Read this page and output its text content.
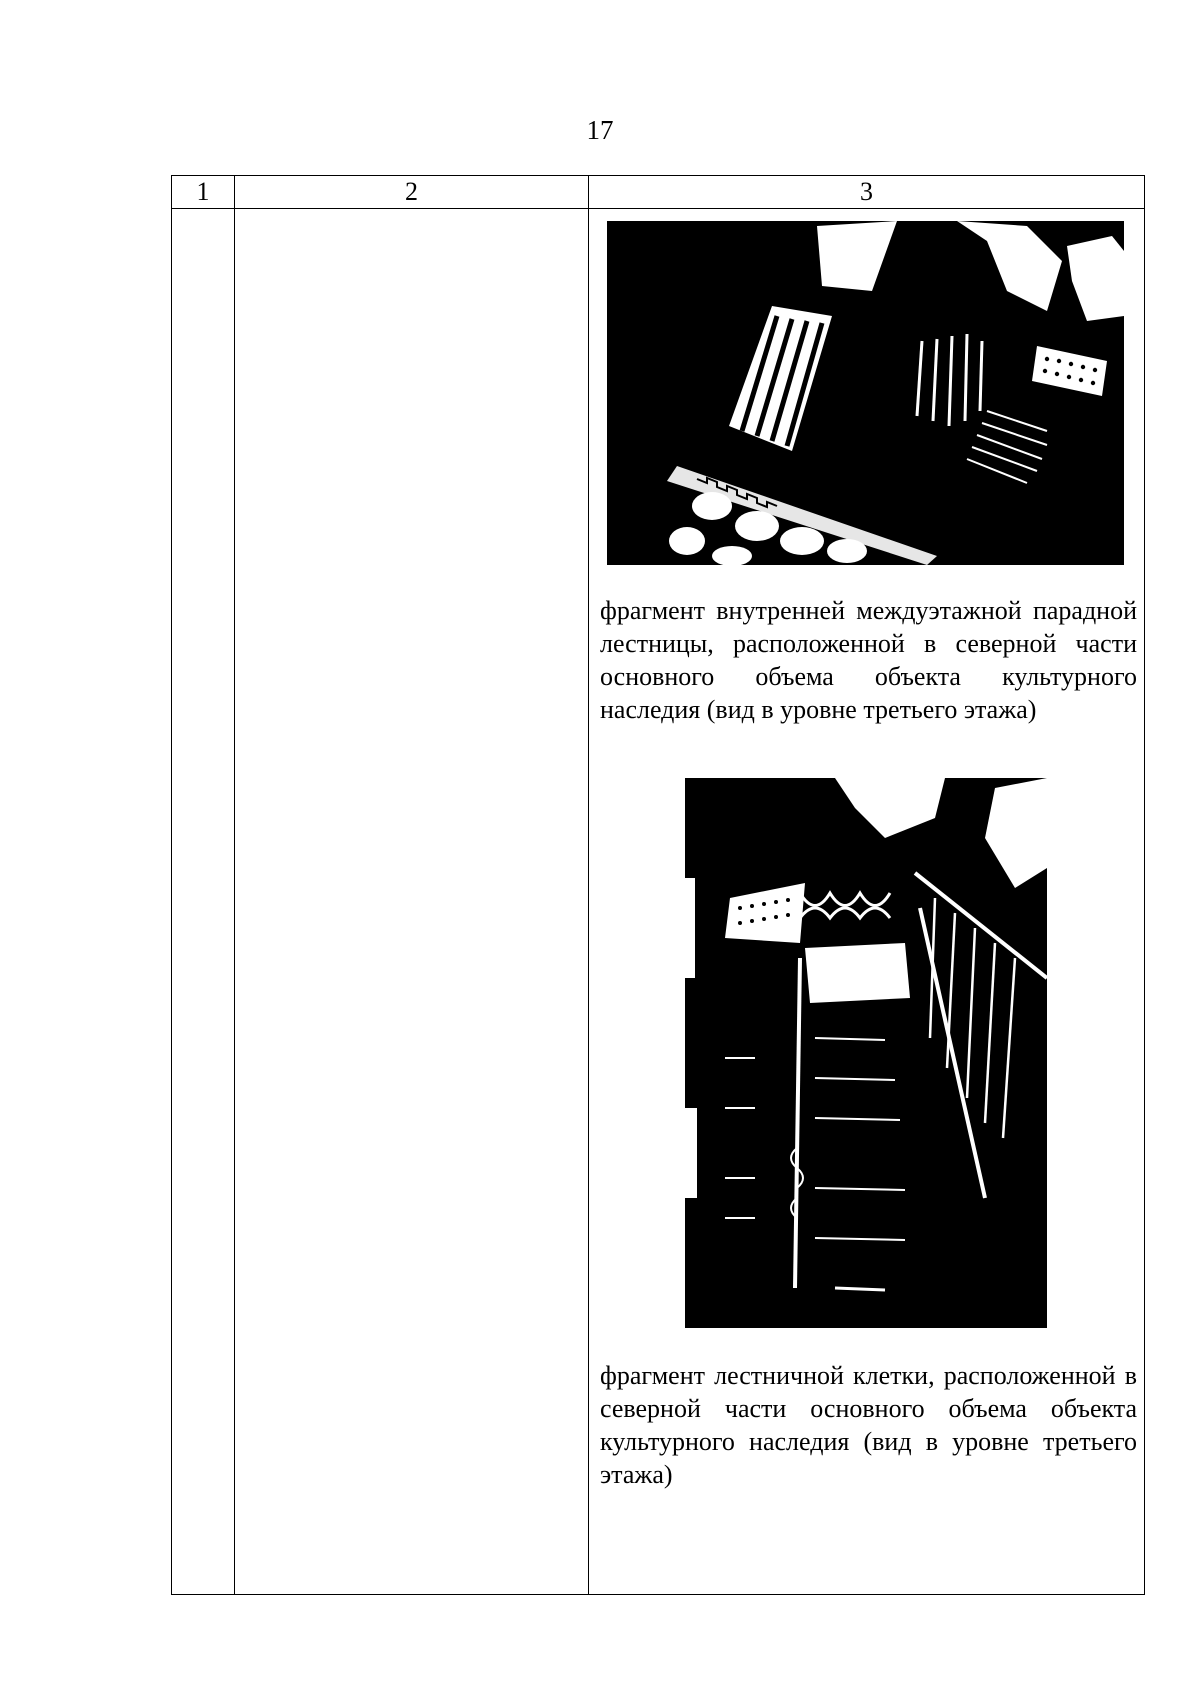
17
1	2	3

		фрагмент внутренней междуэтажной парадной лестницы, расположенной в северной части основного объема объекта культурного наследия (вид в уровне третьего этажа)
фрагмент лестничной клетки, расположенной в северной части основного объема объекта культурного наследия (вид в уровне третьего этажа)
